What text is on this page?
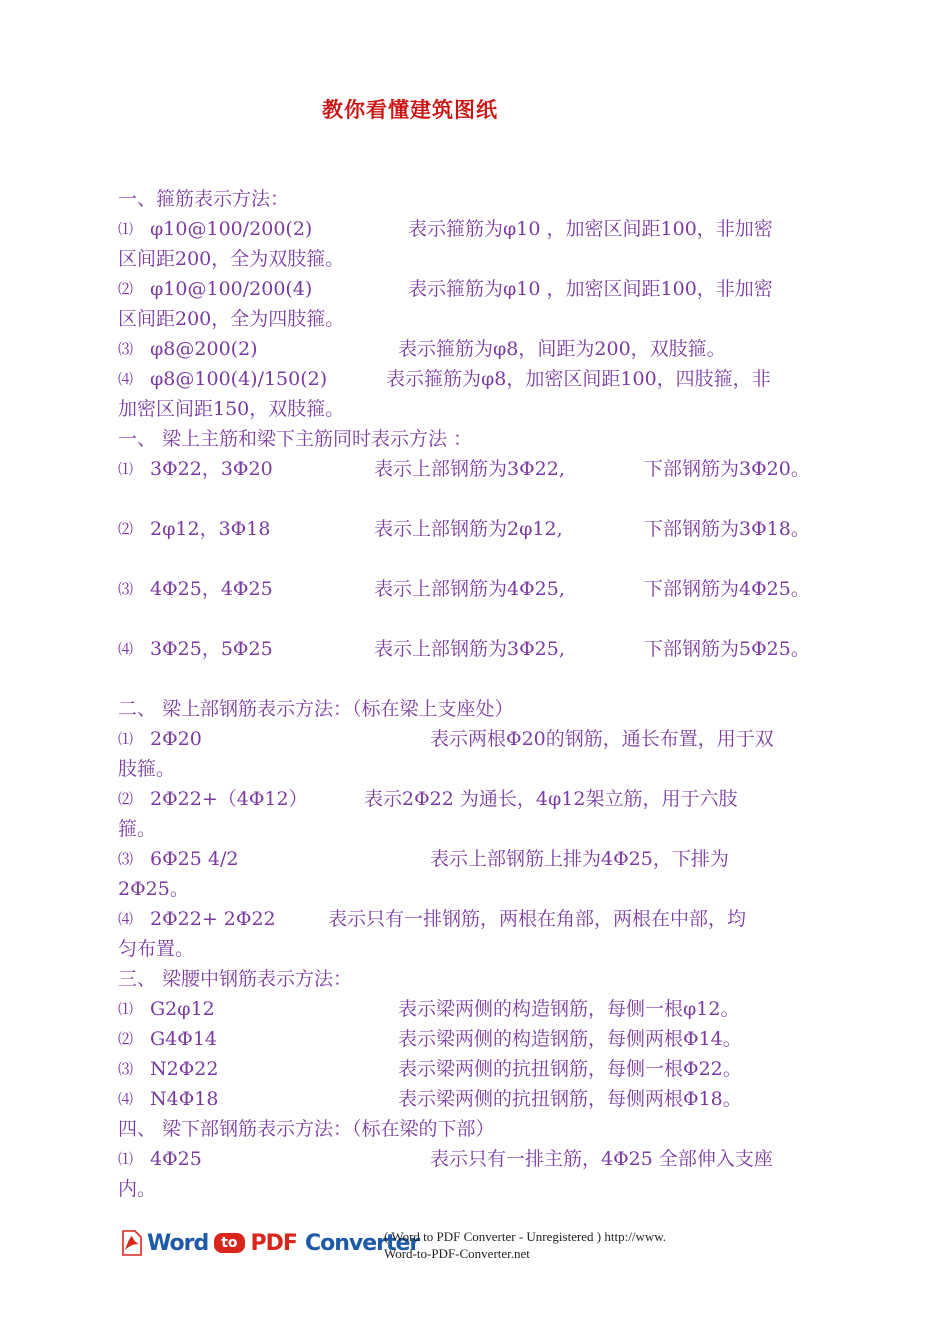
教你看懂建筑图纸
一、箍筋表示方法：
⑴ φ10@100/200(2)	表示箍筋为φ10 ，加密区间距100，非加密
区间距200，全为双肢箍。
⑵ φ10@100/200(4)	表示箍筋为φ10 ，加密区间距100，非加密
区间距200，全为四肢箍。
⑶ φ8@200(2)	表示箍筋为φ8，间距为200，双肢箍。
⑷ φ8@100(4)/150(2)	表示箍筋为φ8，加密区间距100，四肢箍，非
加密区间距150，双肢箍。
一、 梁上主筋和梁下主筋同时表示方法 ：
⑴ 3Φ22，3Φ20	表示上部钢筋为3Φ22,	下部钢筋为3Φ20。
⑵ 2φ12，3Φ18	表示上部钢筋为2φ12,	下部钢筋为3Φ18。
⑶ 4Φ25，4Φ25	表示上部钢筋为4Φ25,	下部钢筋为4Φ25。
⑷ 3Φ25，5Φ25	表示上部钢筋为3Φ25,	下部钢筋为5Φ25。
二、 梁上部钢筋表示方法：（标在梁上支座处）
⑴ 2Φ20	表示两根Φ20的钢筋，通长布置，用于双
肢箍。
⑵ 2Φ22+（4Φ12）	表示2Φ22 为通长，4φ12架立筋，用于六肢
箍。
⑶ 6Φ25 4/2	表示上部钢筋上排为4Φ25，下排为
2Φ25。
⑷ 2Φ22+ 2Φ22	表示只有一排钢筋，两根在角部，两根在中部，均
匀布置。
三、 梁腰中钢筋表示方法：
⑴ G2φ12	表示梁两侧的构造钢筋，每侧一根φ12。
⑵ G4Φ14	表示梁两侧的构造钢筋，每侧两根Φ14。
⑶ N2Φ22	表示梁两侧的抗扭钢筋，每侧一根Φ22。
⑷ N4Φ18	表示梁两侧的抗扭钢筋，每侧两根Φ18。
四、 梁下部钢筋表示方法：（标在梁的下部）
⑴ 4Φ25	表示只有一排主筋，4Φ25 全部伸入支座
内。
Word to PDF Converter
( Word to PDF Converter - Unregistered ) http://www.
Word-to-PDF-Converter.net
